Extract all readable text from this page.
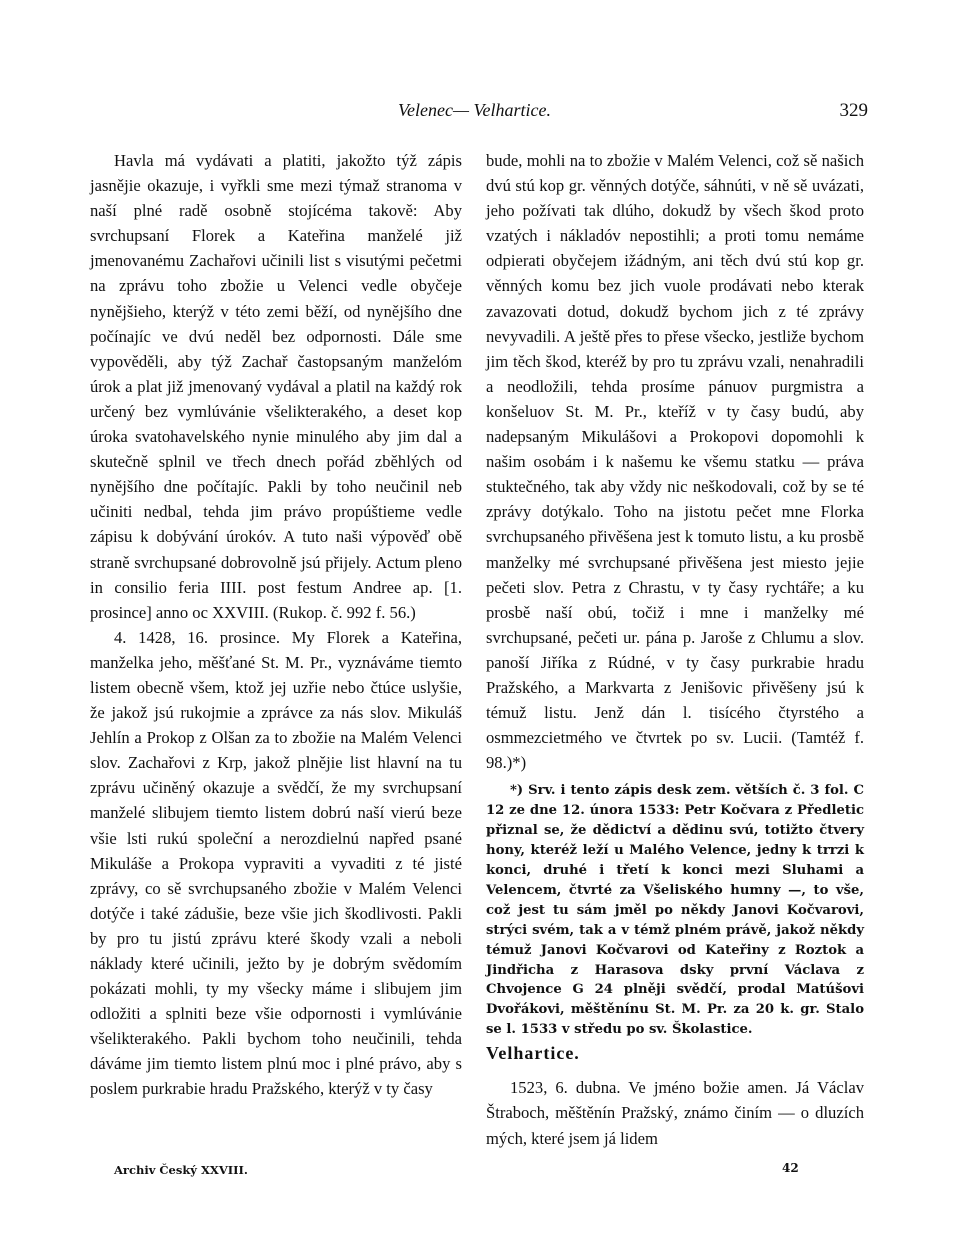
Velenec— Velhartice.	329

Havla má vydávati a platiti, jakožto týž zápis jasnějie okazuje, i vyřkli sme mezi týmaž stranoma v naší plné radě osobně stojícéma takově: Aby svrchupsaní Florek a Kateřina manželé již jmenovanému Zachařovi učinili list s visutými pečetmi na zprávu toho zbožie u Velenci vedle obyčeje nynějšieho, kterýž v této zemi běží, od nynějšího dne počínajíc ve dvú neděl bez odpornosti. Dále sme vypověděli, aby týž Zachař častopsaným manželóm úrok a plat již jmenovaný vydával a platil na každý rok určený bez vymlúvánie všelikterakého, a deset kop úroka svatohavelského nynie minulého aby jim dal a skutečně splnil ve třech dnech pořád zběhlých od nynějšího dne počítajíc. Pakli by toho neučinil neb učiniti nedbal, tehda jim právo propúštieme vedle zápisu k dobývání úrokóv. A tuto naši výpověď obě straně svrchupsané dobrovolně jsú přijely. Actum pleno in consilio feria IIII. post festum Andree ap. [1. prosince] anno oc XXVIII. (Rukop. č. 992 f. 56.)

4. 1428, 16. prosince. My Florek a Kateřina, manželka jeho, měšťané St. M. Pr., vyznáváme tiemto listem obecně všem, ktož jej uzřie nebo čtúce uslyšie, že jakož jsú rukojmie a zprávce za nás slov. Mikuláš Jehlín a Prokop z Olšan za to zbožie na Malém Velenci slov. Zachařovi z Krp, jakož plnějie list hlavní na tu zprávu učiněný okazuje a svědčí, že my svrchupsaní manželé slibujem tiemto listem dobrú naší vierú beze všie lsti rukú společní a nerozdielnú napřed psané Mikuláše a Prokopa vypraviti a vyvaditi z té jisté zprávy, co sě svrchupsaného zbožie v Malém Velenci dotýče i také zádušie, beze všie jich škodlivosti. Pakli by pro tu jistú zprávu které škody vzali a neboli náklady které učinili, ježto by je dobrým svědomím pokázati mohli, ty my všecky máme i slibujem jim odložiti a splniti beze všie odpornosti i vymlúvánie všelikterakého. Pakli bychom toho neučinili, tehda dáváme jim tiemto listem plnú moc i plné právo, aby s poslem purkrabie hradu Pražského, kterýž v ty časy

bude, mohli na to zbožie v Malém Velenci, což sě našich dvú stú kop gr. věnných dotýče, sáhnúti, v ně sě uvázati, jeho požívati tak dlúho, dokudž by všech škod proto vzatých i nákladóv nepostihli; a proti tomu nemáme odpierati obyčejem ižádným, ani těch dvú stú kop gr. věnných komu bez jich vuole prodávati nebo kterak zavazovati dotud, dokudž bychom jich z té zprávy nevyvadili. A ještě přes to přese všecko, jestliže bychom jim těch škod, kteréž by pro tu zprávu vzali, nenahradili a neodložili, tehda prosíme pánuov purgmistra a konšeluov St. M. Pr., kteříž v ty časy budú, aby nadepsaným Mikulášovi a Prokopovi dopomohli k našim osobám i k našemu ke všemu statku — práva stuktečného, tak aby vždy nic neškodovali, což by se té zprávy dotýkalo. Toho na jistotu pečet mne Florka svrchupsaného přivěšena jest k tomuto listu, a ku prosbě manželky mé svrchupsané přivěšena jest miesto jejie pečeti slov. Petra z Chrastu, v ty časy rychtáře; a ku prosbě naší obú, točiž i mne i manželky mé svrchupsané, pečeti ur. pána p. Jaroše z Chlumu a slov. panoší Jiříka z Rúdné, v ty časy purkrabie hradu Pražského, a Markvarta z Jenišovic přivěšeny jsú k témuž listu. Jenž dán l. tisícého čtyrstého a osmmezcietmého ve čtvrtek po sv. Lucii. (Tamtéž f. 98.)*)

*) Srv. i tento zápis desk zem. větších č. 3 fol. C 12 ze dne 12. února 1533: Petr Kočvara z Předletic přiznal se, že dědictví a dědinu svú, totižto čtvery hony, kteréž leží u Malého Velence, jedny k trrzi k konci, druhé i třetí k konci mezi Sluhami a Velencem, čtvrté za Všeliského humny —, to vše, což jest tu sám jměl po někdy Janovi Kočvarovi, strýci svém, tak a v témž plném právě, jakož někdy témuž Janovi Kočvarovi od Kateřiny z Roztok a Jindřicha z Harasova dsky první Václava z Chvojence G 24 plněji svědčí, prodal Matúšovi Dvořákovi, měštěnínu St. M. Pr. za 20 k. gr. Stalo se l. 1533 v středu po sv. Školastice.

Velhartice.

1523, 6. dubna. Ve jméno božie amen. Já Václav Štraboch, měštěnín Pražský, známo činím — o dluzích mých, které jsem já lidem

Archiv Český XXVIII.	42
